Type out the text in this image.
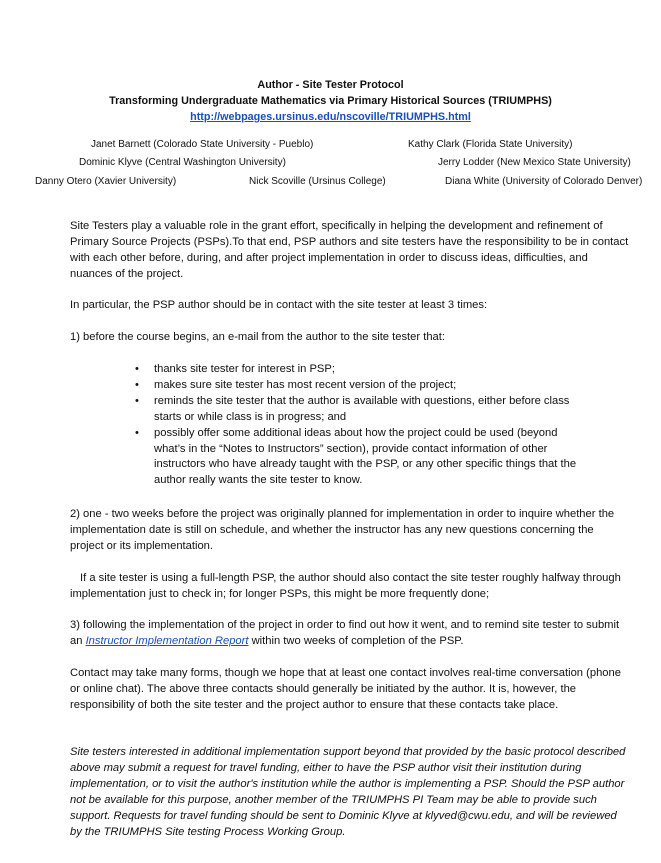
Author - Site Tester Protocol
Transforming Undergraduate Mathematics via Primary Historical Sources (TRIUMPHS)
http://webpages.ursinus.edu/nscoville/TRIUMPHS.html
Janet Barnett (Colorado State University - Pueblo)	Kathy Clark (Florida State University)
Dominic Klyve (Central Washington University)	Jerry Lodder (New Mexico State University)
Danny Otero (Xavier University)	Nick Scoville (Ursinus College)	Diana White (University of Colorado Denver)

Site Testers play a valuable role in the grant effort, specifically in helping the development and refinement of Primary Source Projects (PSPs).To that end, PSP authors and site testers have the responsibility to be in contact with each other before, during, and after project implementation in order to discuss ideas, difficulties, and nuances of the project.

In particular, the PSP author should be in contact with the site tester at least 3 times:

1) before the course begins, an e-mail from the author to the site tester that:

• thanks site tester for interest in PSP;
• makes sure site tester has most recent version of the project;
• reminds the site tester that the author is available with questions, either before class starts or while class is in progress; and
• possibly offer some additional ideas about how the project could be used (beyond what’s in the “Notes to Instructors” section), provide contact information of other instructors who have already taught with the PSP, or any other specific things that the author really wants the site tester to know.

2) one - two weeks before the project was originally planned for implementation in order to inquire whether the implementation date is still on schedule, and whether the instructor has any new questions concerning the project or its implementation.

If a site tester is using a full-length PSP, the author should also contact the site tester roughly halfway through implementation just to check in; for longer PSPs, this might be more frequently done;

3) following the implementation of the project in order to find out how it went, and to remind site tester to submit an Instructor Implementation Report within two weeks of completion of the PSP.

Contact may take many forms, though we hope that at least one contact involves real-time conversation (phone or online chat). The above three contacts should generally be initiated by the author. It is, however, the responsibility of both the site tester and the project author to ensure that these contacts take place.

Site testers interested in additional implementation support beyond that provided by the basic protocol described above may submit a request for travel funding, either to have the PSP author visit their institution during implementation, or to visit the author's institution while the author is implementing a PSP. Should the PSP author not be available for this purpose, another member of the TRIUMPHS PI Team may be able to provide such support. Requests for travel funding should be sent to Dominic Klyve at klyved@cwu.edu, and will be reviewed by the TRIUMPHS Site testing Process Working Group.
